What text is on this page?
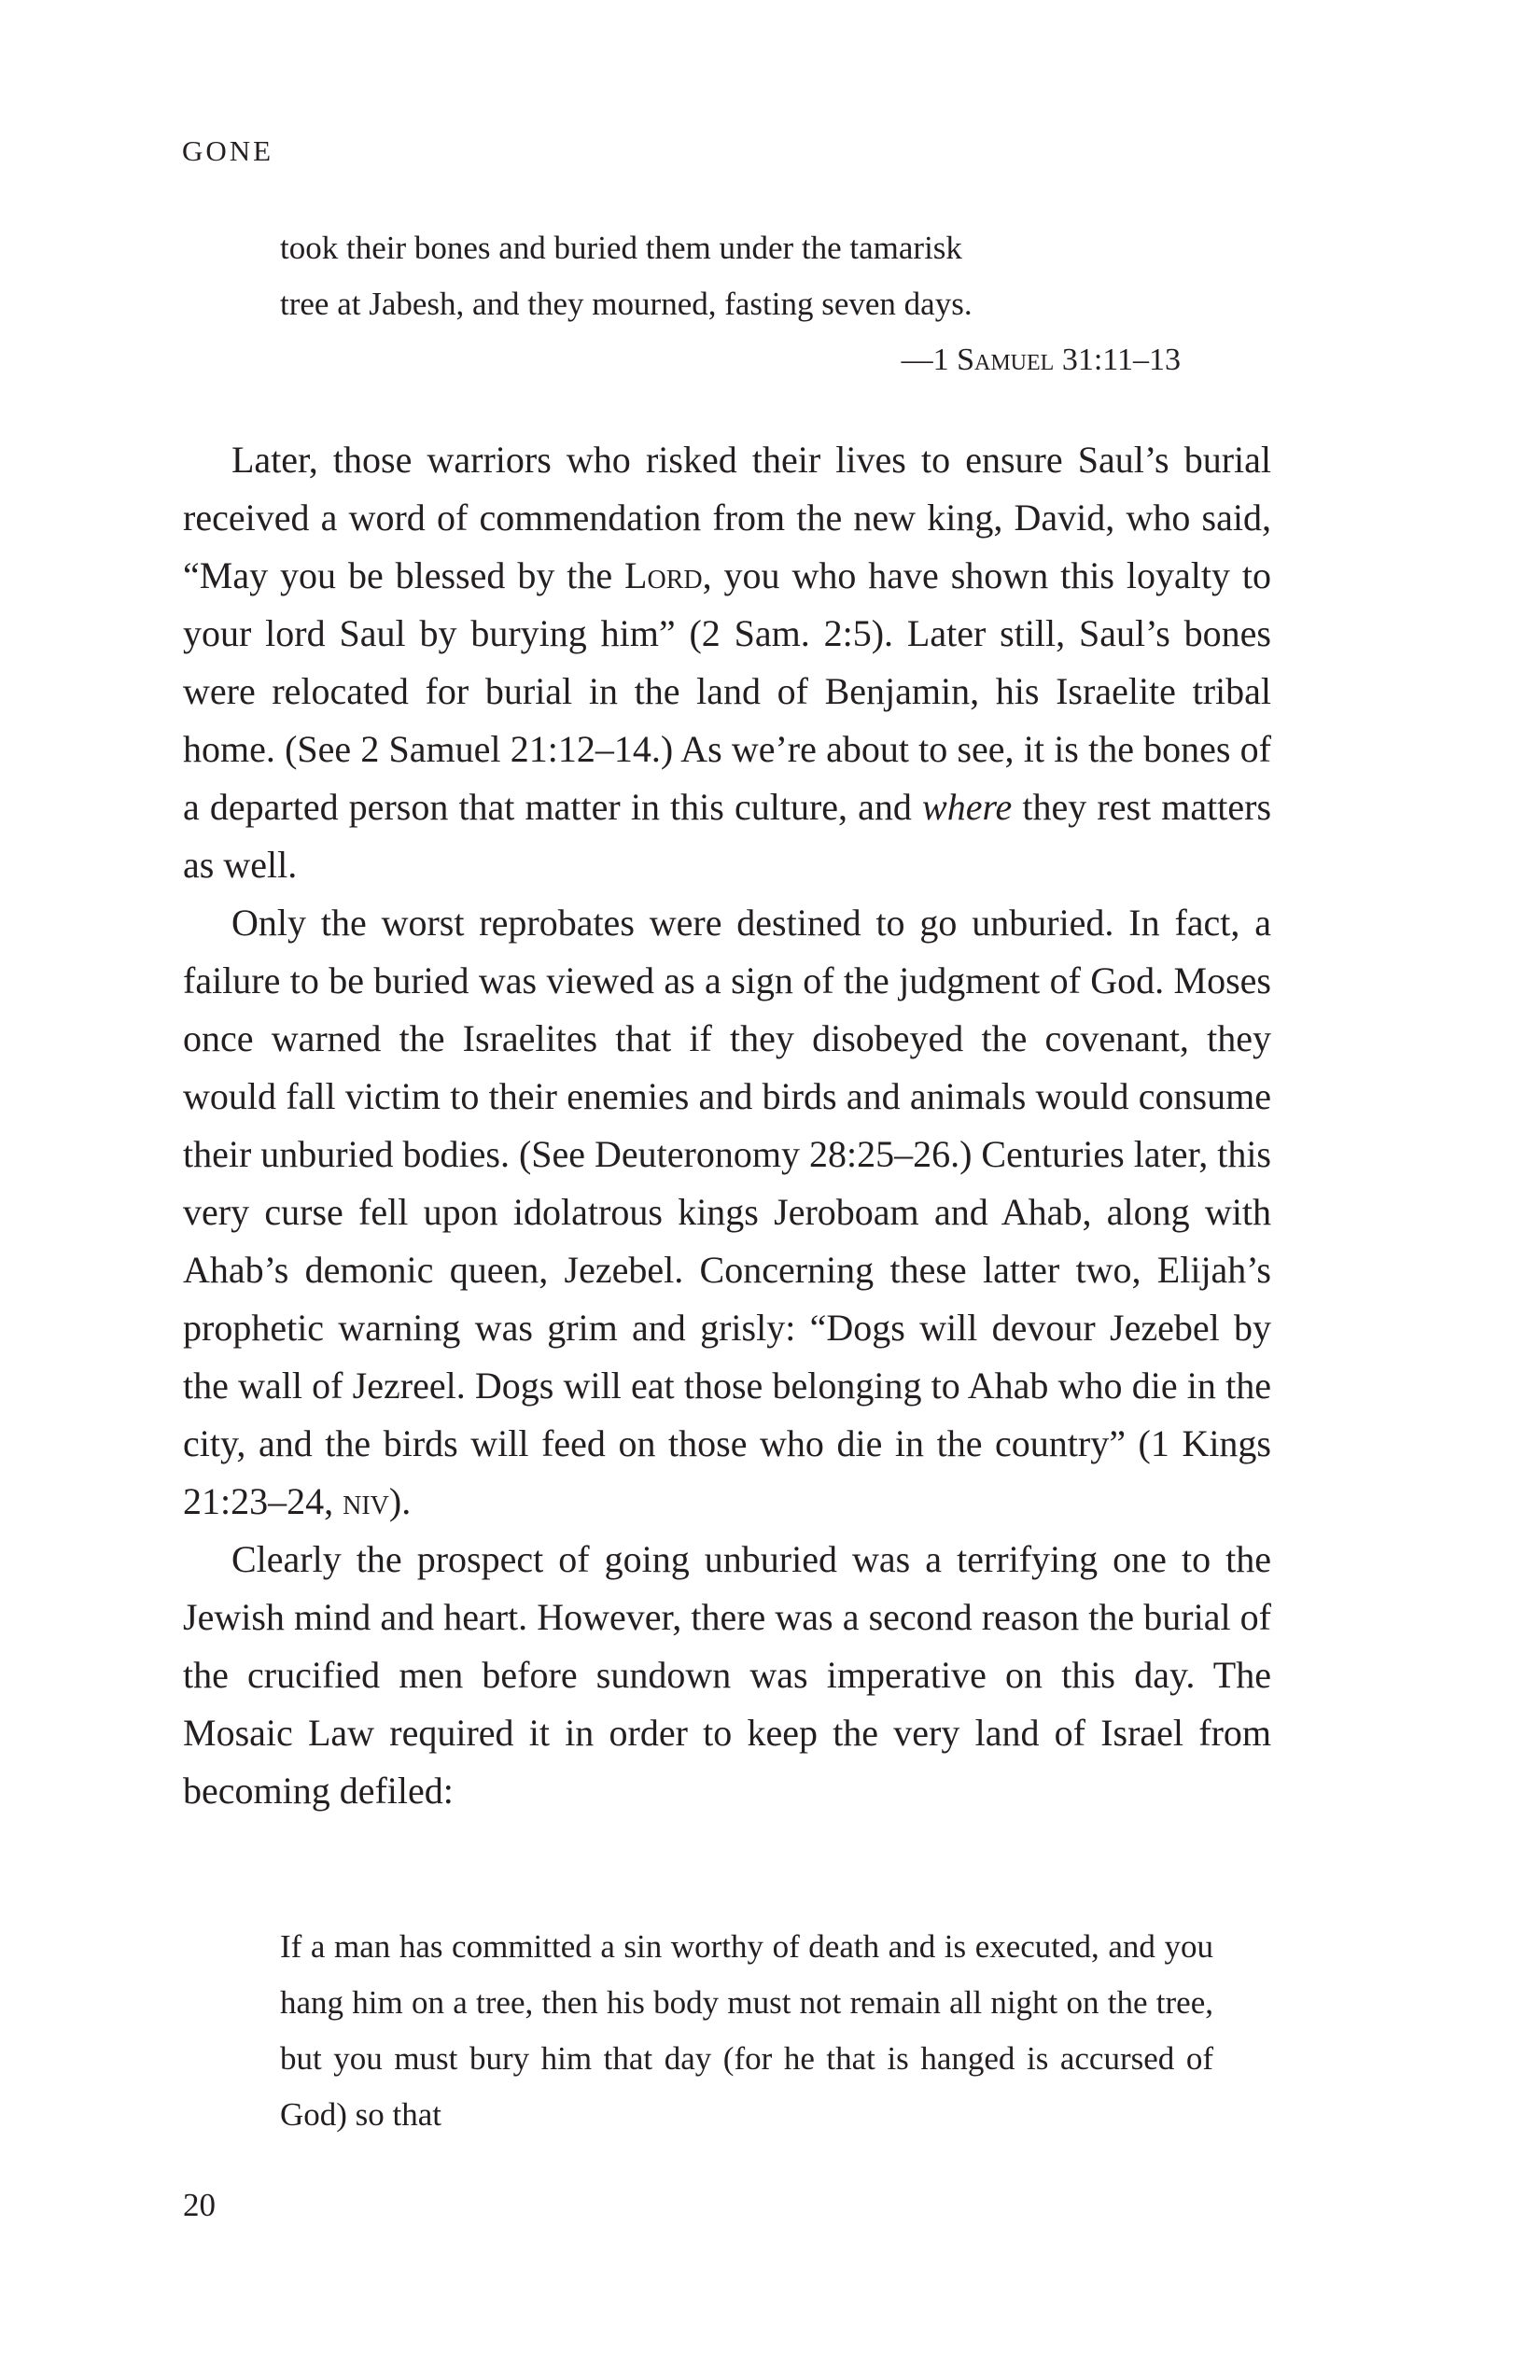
GONE
took their bones and buried them under the tamarisk
tree at Jabesh, and they mourned, fasting seven days.
—1 Samuel 31:11–13

Later, those warriors who risked their lives to ensure Saul’s burial received a word of commendation from the new king, David, who said, “May you be blessed by the Lord, you who have shown this loyalty to your lord Saul by burying him” (2 Sam. 2:5). Later still, Saul’s bones were relocated for burial in the land of Benjamin, his Israelite tribal home. (See 2 Samuel 21:12–14.) As we’re about to see, it is the bones of a departed person that matter in this culture, and where they rest matters as well.

Only the worst reprobates were destined to go unburied. In fact, a failure to be buried was viewed as a sign of the judgment of God. Moses once warned the Israelites that if they disobeyed the covenant, they would fall victim to their enemies and birds and animals would consume their unburied bodies. (See Deuteronomy 28:25–26.) Centuries later, this very curse fell upon idolatrous kings Jeroboam and Ahab, along with Ahab’s demonic queen, Jezebel. Concerning these latter two, Elijah’s prophetic warning was grim and grisly: “Dogs will devour Jezebel by the wall of Jezreel. Dogs will eat those belonging to Ahab who die in the city, and the birds will feed on those who die in the country” (1 Kings 21:23–24, niv).

Clearly the prospect of going unburied was a terrifying one to the Jewish mind and heart. However, there was a second reason the burial of the crucified men before sundown was imperative on this day. The Mosaic Law required it in order to keep the very land of Israel from becoming defiled:

If a man has committed a sin worthy of death and is executed, and you hang him on a tree, then his body must not remain all night on the tree, but you must bury him that day (for he that is hanged is accursed of God) so that

20
